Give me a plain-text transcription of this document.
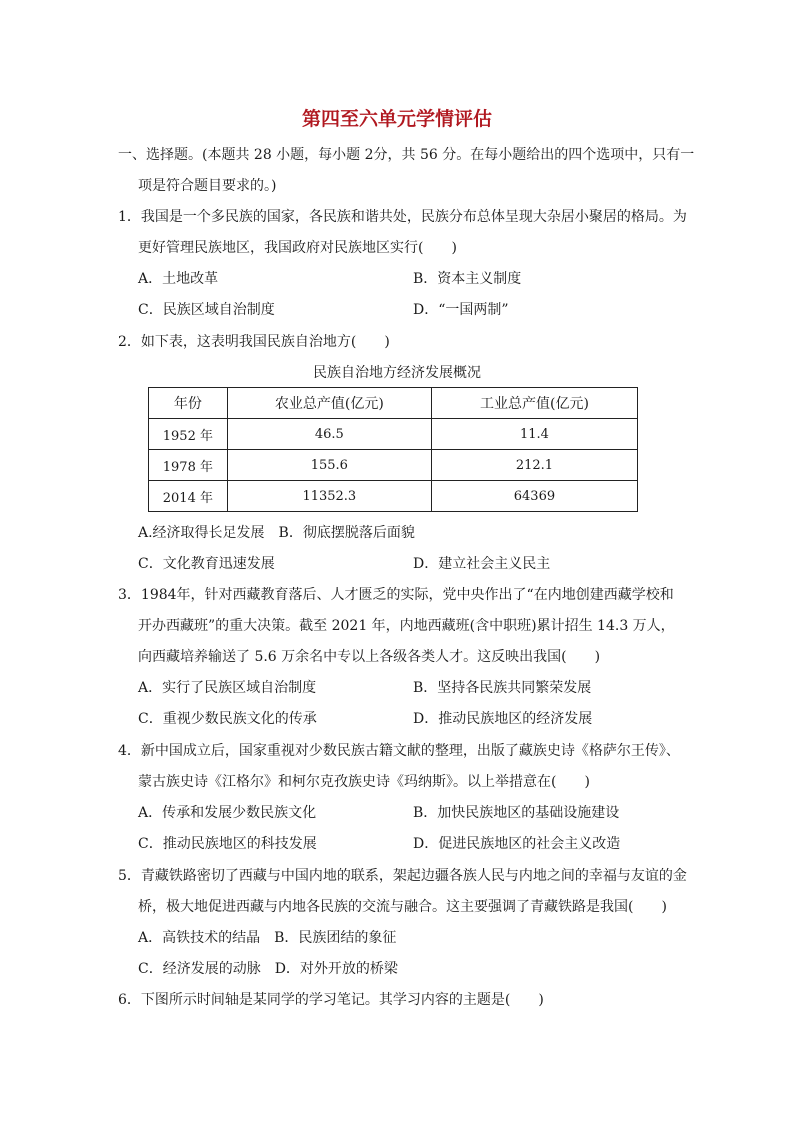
第四至六单元学情评估
一、选择题。(本题共 28 小题，每小题 2分，共 56 分。在每小题给出的四个选项中，只有一
项是符合题目要求的。)
1．我国是一个多民族的国家，各民族和谐共处，民族分布总体呈现大杂居小聚居的格局。为
更好管理民族地区，我国政府对民族地区实行(　　)
A．土地改革	B．资本主义制度
C．民族区域自治制度	D．“一国两制”
2．如下表，这表明我国民族自治地方(　　)
民族自治地方经济发展概况
年份	农业总产值(亿元)	工业总产值(亿元)
1952 年	46.5	11.4
1978 年	155.6	212.1
2014 年	11352.3	64369
A.经济取得长足发展　B．彻底摆脱落后面貌
C．文化教育迅速发展	D．建立社会主义民主
3．1984年，针对西藏教育落后、人才匮乏的实际，党中央作出了“在内地创建西藏学校和
开办西藏班”的重大决策。截至 2021 年，内地西藏班(含中职班)累计招生 14.3 万人，
向西藏培养输送了 5.6 万余名中专以上各级各类人才。这反映出我国(　　)
A．实行了民族区域自治制度	B．坚持各民族共同繁荣发展
C．重视少数民族文化的传承	D．推动民族地区的经济发展
4．新中国成立后，国家重视对少数民族古籍文献的整理，出版了藏族史诗《格萨尔王传》、
蒙古族史诗《江格尔》和柯尔克孜族史诗《玛纳斯》。以上举措意在(　　)
A．传承和发展少数民族文化	B．加快民族地区的基础设施建设
C．推动民族地区的科技发展	D．促进民族地区的社会主义改造
5．青藏铁路密切了西藏与中国内地的联系，架起边疆各族人民与内地之间的幸福与友谊的金
桥，极大地促进西藏与内地各民族的交流与融合。这主要强调了青藏铁路是我国(　　)
A．高铁技术的结晶　B．民族团结的象征
C．经济发展的动脉　D．对外开放的桥梁
6．下图所示时间轴是某同学的学习笔记。其学习内容的主题是(　　)
